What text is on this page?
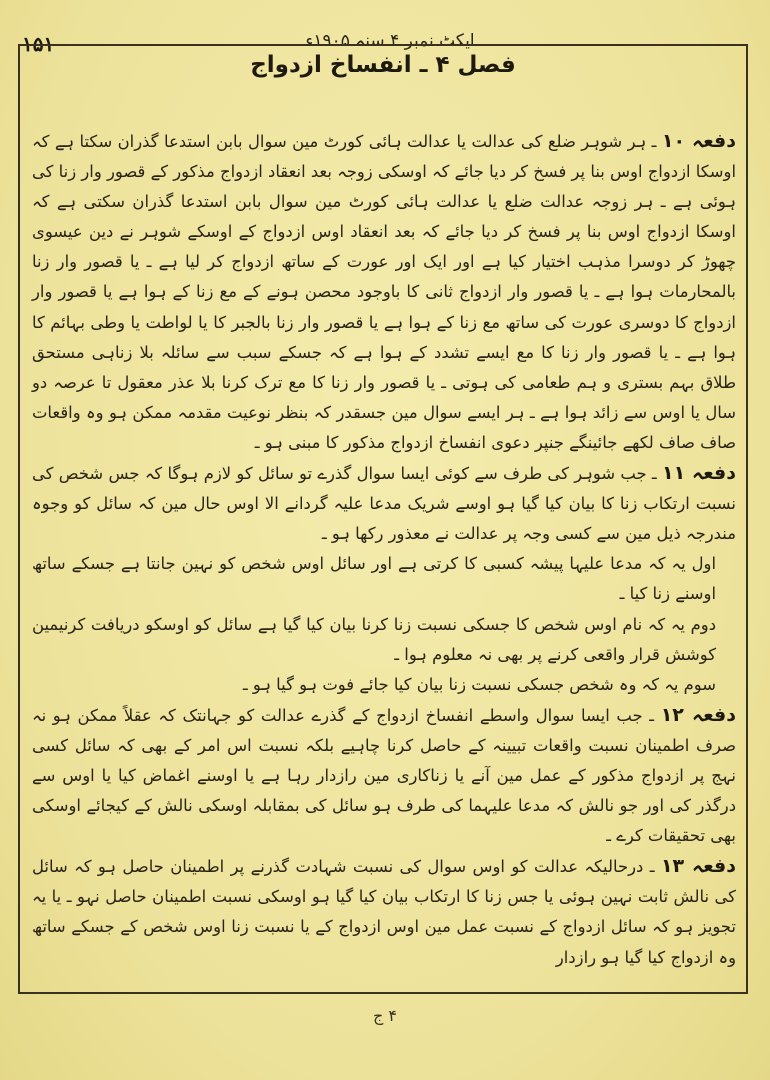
۱۵۱	ایکٹ نمبر ۴ سنہ ۱۹۰۵ء
فصل ۴ ـ انفساخ ازدواج

دفعہ ۱۰ ـ ہر شوہر ضلع کی عدالت یا عدالت ہائی کورٹ مین سوال بابن استدعا گذران سکتا ہے کہ اوسکا ازدواج اوس بنا پر فسخ کر دیا جائے کہ اوسکی زوجہ بعد انعقاد ازدواج مذکور کے قصور وار زنا کی ہوئی ہے ـ ہر زوجہ عدالت ضلع یا عدالت ہائی کورٹ مین سوال بابن استدعا گذران سکتی ہے کہ اوسکا ازدواج اوس بنا پر فسخ کر دیا جائے کہ بعد انعقاد اوس ازدواج کے اوسکے شوہر نے دین عیسوی چھوڑ کر دوسرا مذہب اختیار کیا ہے اور ایک اور عورت کے ساتھ ازدواج کر لیا ہے ـ یا قصور وار زنا بالمحارمات ہوا ہے ـ یا قصور وار ازدواج ثانی کا باوجود محصن ہونے کے مع زنا کے ہوا ہے یا قصور وار ازدواج کا دوسری عورت کی ساتھ مع زنا کے ہوا ہے یا قصور وار زنا بالجبر کا یا لواطت یا وطی بہائم کا ہوا ہے ـ یا قصور وار زنا کا مع ایسے تشدد کے ہوا ہے کہ جسکے سبب سے سائلہ بلا زناہی مستحق طلاق بہم بستری و ہم طعامی کی ہوتی ـ یا قصور وار زنا کا مع ترک کرنا بلا عذر معقول تا عرصہ دو سال یا اوس سے زائد ہوا ہے ـ ہر ایسے سوال مین جسقدر کہ بنظر نوعیت مقدمہ ممکن ہو وہ واقعات صاف صاف لکھے جائینگے جنپر دعوی انفساخ ازدواج مذکور کا مبنی ہو ـ

دفعہ ۱۱ ـ جب شوہر کی طرف سے کوئی ایسا سوال گذرے تو سائل کو لازم ہوگا کہ جس شخص کی نسبت ارتکاب زنا کا بیان کیا گیا ہو اوسے شریک مدعا علیہ گردانے الا اوس حال مین کہ سائل کو وجوہ مندرجہ ذیل مین سے کسی وجہ پر عدالت نے معذور رکھا ہو ـ

اول یہ کہ مدعا علیہا پیشہ کسبی کا کرتی ہے اور سائل اوس شخص کو نہین جانتا ہے جسکے ساتھ اوسنے زنا کیا ـ

دوم یہ کہ نام اوس شخص کا جسکی نسبت زنا کرنا بیان کیا گیا ہے سائل کو اوسکو دریافت کرنیمین کوشش قرار واقعی کرنے پر بھی نہ معلوم ہوا ـ

سوم یہ کہ وہ شخص جسکی نسبت زنا بیان کیا جائے فوت ہو گیا ہو ـ

دفعہ ۱۲ ـ جب ایسا سوال واسطے انفساخ ازدواج کے گذرے عدالت کو جہانتک کہ عقلاً ممکن ہو نہ صرف اطمینان نسبت واقعات تبیینہ کے حاصل کرنا چاہیے بلکہ نسبت اس امر کے بھی کہ سائل کسی نہج پر ازدواج مذکور کے عمل مین آنے یا زناکاری مین رازدار رہا ہے یا اوسنے اغماض کیا یا اوس سے درگذر کی اور جو نالش کہ مدعا علیہما کی طرف ہو سائل کی بمقابلہ اوسکی نالش کے کیجائے اوسکی بھی تحقیقات کرے ـ

دفعہ ۱۳ ـ درحالیکہ عدالت کو اوس سوال کی نسبت شہادت گذرنے پر اطمینان حاصل ہو کہ سائل کی نالش ثابت نہین ہوئی یا جس زنا کا ارتکاب بیان کیا گیا ہو اوسکی نسبت اطمینان حاصل نہو ـ یا یہ تجویز ہو کہ سائل ازدواج کے نسبت عمل مین اوس ازدواج کے یا نسبت زنا اوس شخص کے جسکے ساتھ وہ ازدواج کیا گیا ہو رازدار

۴ ج
